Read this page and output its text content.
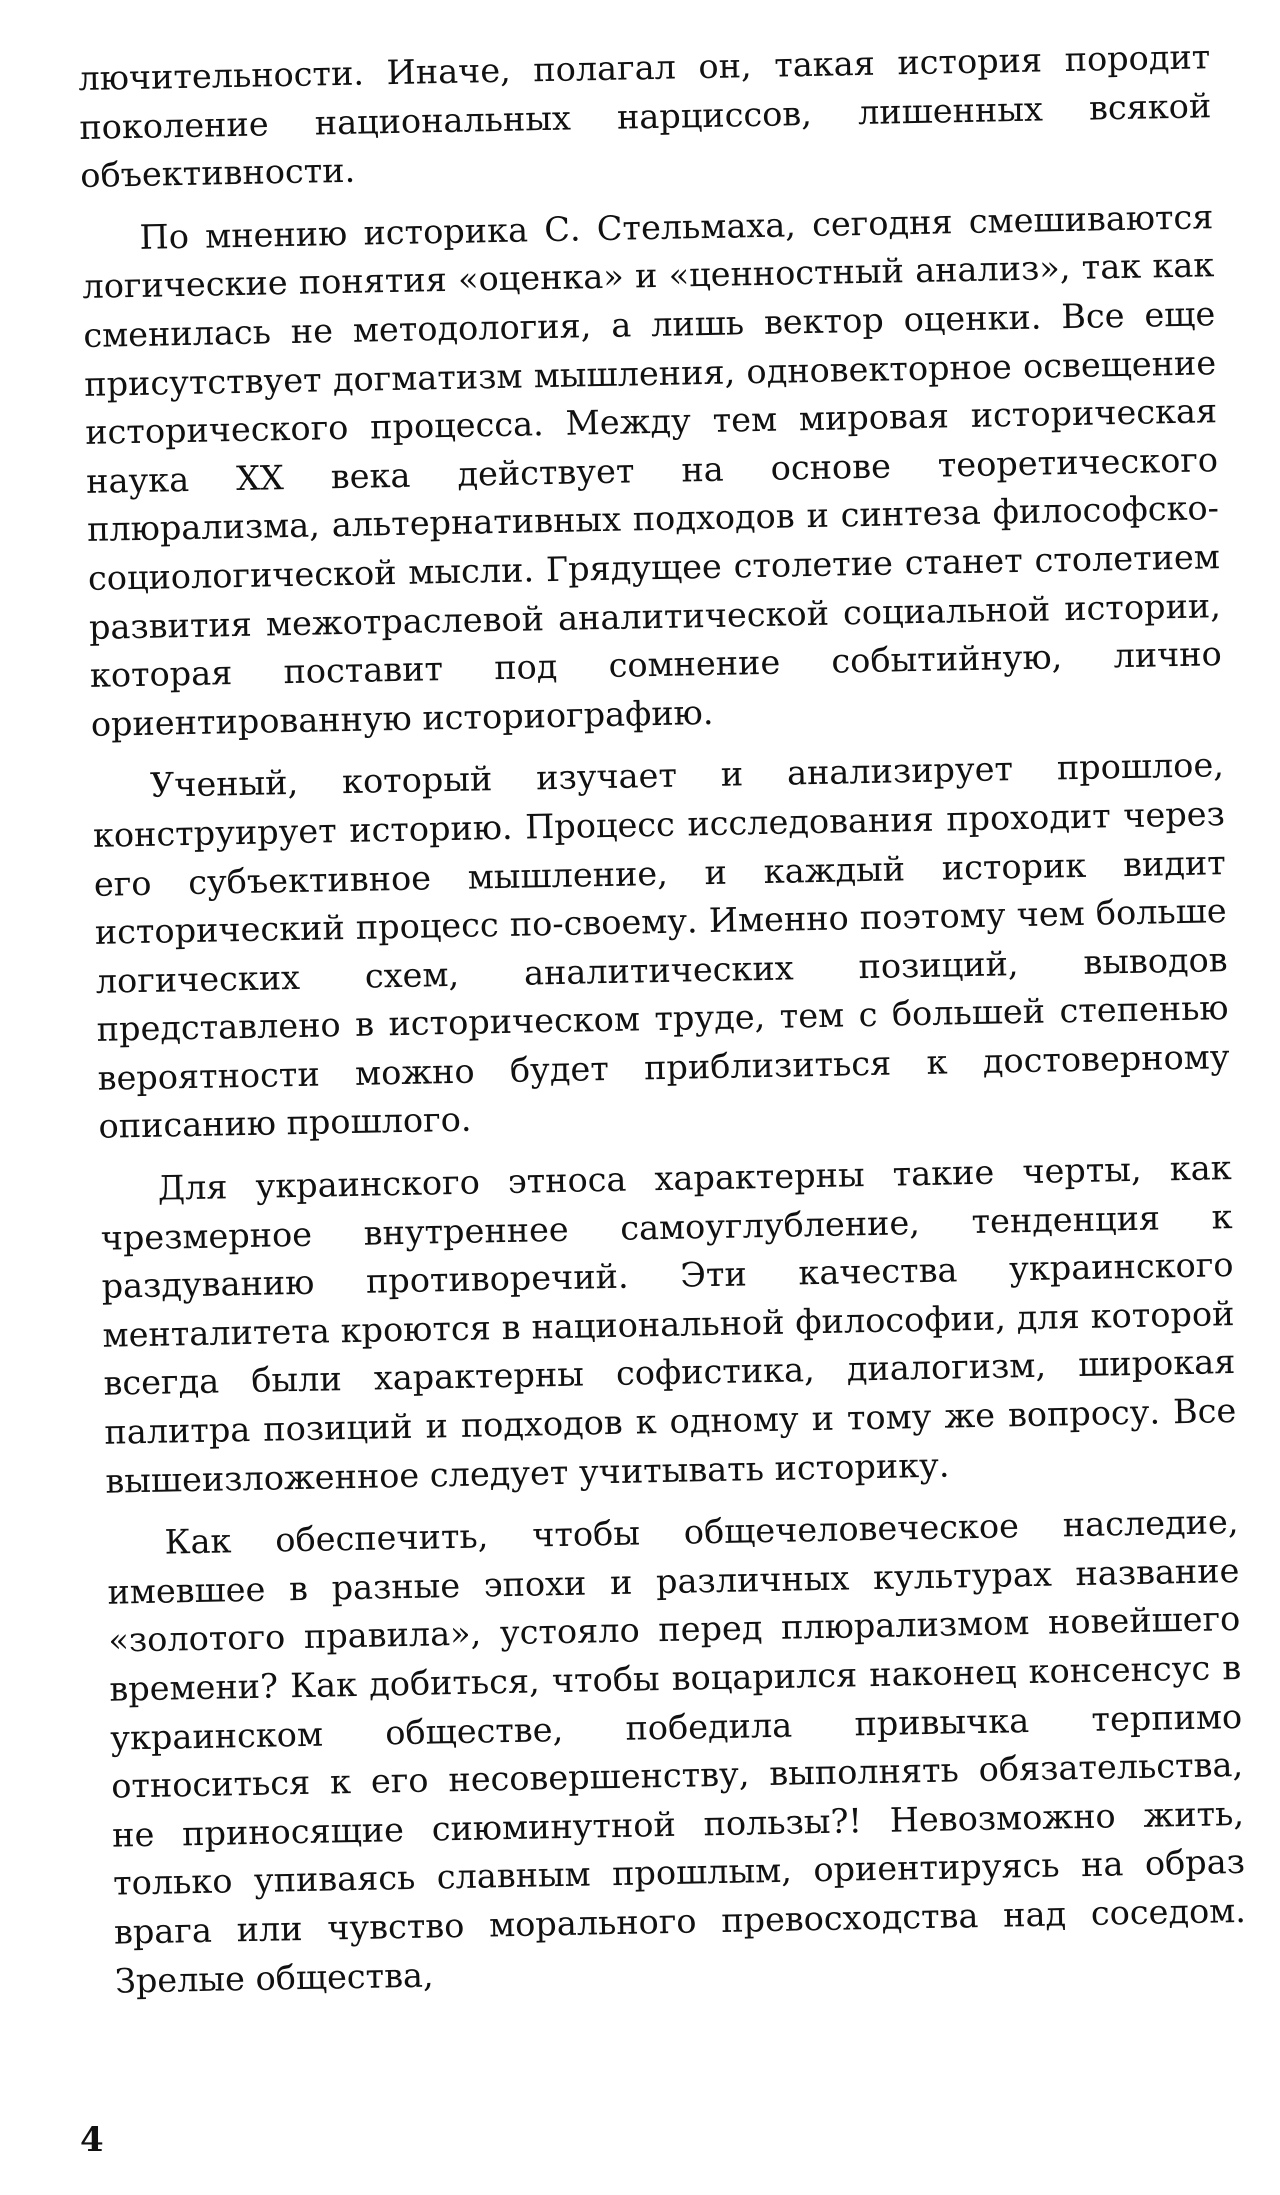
лючительности. Иначе, полагал он, такая история породит поколение национальных нарциссов, лишенных всякой объективности.

По мнению историка С. Стельмаха, сегодня смешиваются логические понятия «оценка» и «ценностный анализ», так как сменилась не методология, а лишь вектор оценки. Все еще присутствует догматизм мышления, одновекторное освещение исторического процесса. Между тем мировая историческая наука XX века действует на основе теоретического плюрализма, альтернативных подходов и синтеза философско-социологической мысли. Грядущее столетие станет столетием развития межотраслевой аналитической социальной истории, которая поставит под сомнение событийную, лично ориентированную историографию.

Ученый, который изучает и анализирует прошлое, конструирует историю. Процесс исследования проходит через его субъективное мышление, и каждый историк видит исторический процесс по-своему. Именно поэтому чем больше логических схем, аналитических позиций, выводов представлено в историческом труде, тем с большей степенью вероятности можно будет приблизиться к достоверному описанию прошлого.

Для украинского этноса характерны такие черты, как чрезмерное внутреннее самоуглубление, тенденция к раздуванию противоречий. Эти качества украинского менталитета кроются в национальной философии, для которой всегда были характерны софистика, диалогизм, широкая палитра позиций и подходов к одному и тому же вопросу. Все вышеизложенное следует учитывать историку.

Как обеспечить, чтобы общечеловеческое наследие, имевшее в разные эпохи и различных культурах название «золотого правила», устояло перед плюрализмом новейшего времени? Как добиться, чтобы воцарился наконец консенсус в украинском обществе, победила привычка терпимо относиться к его несовершенству, выполнять обязательства, не приносящие сиюминутной пользы?! Невозможно жить, только упиваясь славным прошлым, ориентируясь на образ врага или чувство морального превосходства над соседом. Зрелые общества,

4
